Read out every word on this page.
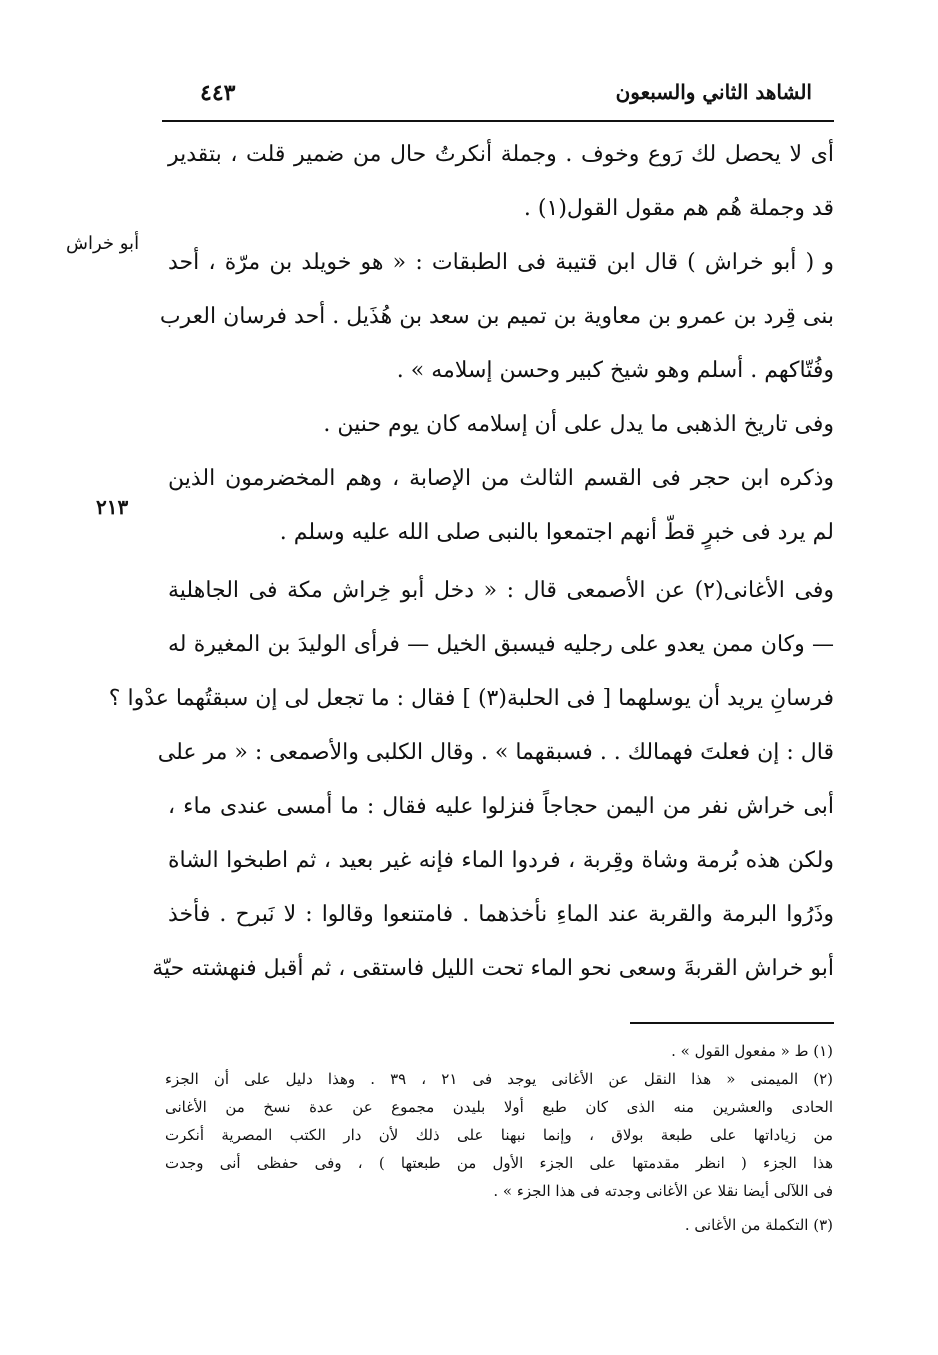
الشاهد الثاني والسبعون
٤٤٣
أبو خراش
٢١٣
أى لا يحصل لك رَوع وخوف . وجملة أنكرتُ حال من ضمير قلت ، بتقدير
قد وجملة هُم هم مقول القول(١) .
و ( أبو خراش ) قال ابن قتيبة فى الطبقات : « هو خويلد بن مرّة ، أحد
بنى قِرد بن عمرو بن معاوية بن تميم بن سعد بن هُذَيل . أحد فرسان العرب
وفُتّاكهم . أسلم وهو شيخ كبير وحسن إسلامه » .
وفى تاريخ الذهبى ما يدل على أن إسلامه كان يوم حنين .
وذكره ابن حجر فى القسم الثالث من الإصابة ، وهم المخضرمون الذين
لم يرد فى خبرٍ قطّ أنهم اجتمعوا بالنبى صلى الله عليه وسلم .
وفى الأغانى(٢) عن الأصمعى قال : « دخل أبو خِراش مكة فى الجاهلية
— وكان ممن يعدو على رجليه فيسبق الخيل — فرأى الوليدَ بن المغيرة له
فرسانِ يريد أن يوسلهما [ فى الحلبة(٣) ] فقال : ما تجعل لى إن سبقتُهما عدْوا ؟
قال : إن فعلتَ فهمالك . . فسبقهما » . وقال الكلبى والأصمعى : « مر على
أبى خراش نفر من اليمن حجاجاً فنزلوا عليه فقال : ما أمسى عندى ماء ،
ولكن هذه بُرمة وشاة وقِربة ، فردوا الماء فإنه غير بعيد ، ثم اطبخوا الشاة
وذَرُوا البرمة والقربة عند الماءِ نأخذهما . فامتنعوا وقالوا : لا نَبرح . فأخذ
أبو خراش القربةَ وسعى نحو الماء تحت الليل فاستقى ، ثم أقبل فنهشته حيّة
(١) ط « مفعول القول » .
(٢) الميمنى « هذا النقل عن الأغانى يوجد فى ٢١ ، ٣٩ . وهذا دليل على أن الجزء
الحادى والعشرين منه الذى كان طبع أولا بليدن مجموع عن عدة نسخ من الأغانى
من زياداتها على طبعة بولاق ، وإنما نبهنا على ذلك لأن دار الكتب المصرية أنكرت
هذا الجزء ( انظر مقدمتها على الجزء الأول من طبعتها ) ، وفى حفظى أنى وجدت
فى اللآلى أيضا نقلا عن الأغانى وجدته فى هذا الجزء » .
(٣) التكملة من الأغانى .
